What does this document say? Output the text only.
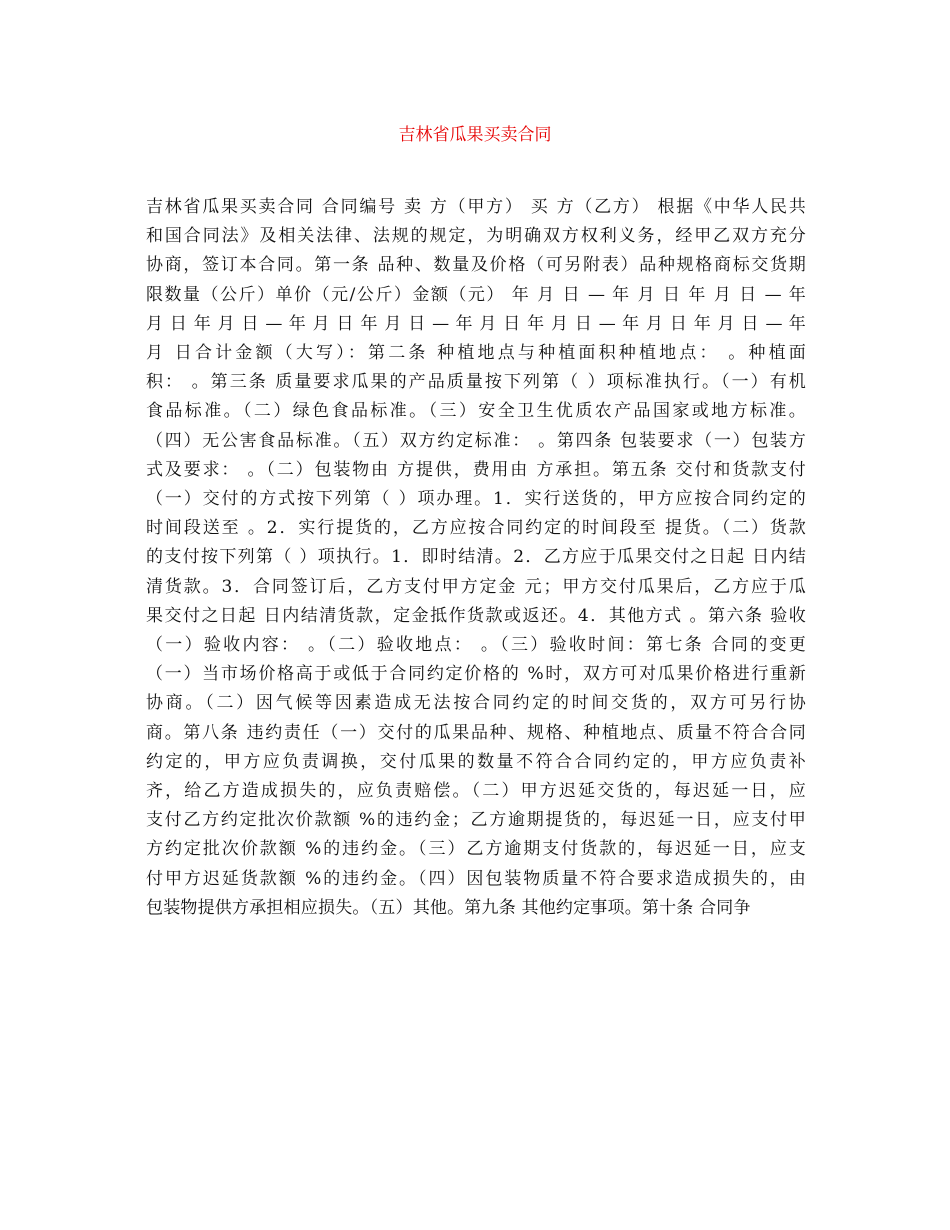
吉林省瓜果买卖合同
吉林省瓜果买卖合同 合同编号 卖 方（甲方） 买 方（乙方） 根据《中华人民共
和国合同法》及相关法律、法规的规定，为明确双方权利义务，经甲乙双方充分
协商，签订本合同。第一条 品种、数量及价格（可另附表）品种规格商标交货期
限数量（公斤）单价（元/公斤）金额（元） 年 月 日 — 年 月 日 年 月 日 — 年
月 日 年 月 日 — 年 月 日 年 月 日 — 年 月 日 年 月 日 — 年 月 日 年 月 日 — 年
月 日合计金额（大写）：第二条 种植地点与种植面积种植地点： 。种植面
积： 。第三条 质量要求瓜果的产品质量按下列第（ ）项标准执行。（一）有机
食品标准。（二）绿色食品标准。（三）安全卫生优质农产品国家或地方标准。
（四）无公害食品标准。（五）双方约定标准： 。第四条 包装要求（一）包装方
式及要求： 。（二）包装物由 方提供，费用由 方承担。第五条 交付和货款支付
（一）交付的方式按下列第（ ）项办理。1．实行送货的，甲方应按合同约定的
时间段送至 。2．实行提货的，乙方应按合同约定的时间段至 提货。（二）货款
的支付按下列第（ ）项执行。1．即时结清。2．乙方应于瓜果交付之日起 日内结
清货款。3．合同签订后，乙方支付甲方定金 元；甲方交付瓜果后，乙方应于瓜
果交付之日起 日内结清货款，定金抵作货款或返还。4．其他方式 。第六条 验收
（一）验收内容： 。（二）验收地点： 。（三）验收时间：第七条 合同的变更
（一）当市场价格高于或低于合同约定价格的 %时，双方可对瓜果价格进行重新
协商。（二）因气候等因素造成无法按合同约定的时间交货的，双方可另行协
商。第八条 违约责任（一）交付的瓜果品种、规格、种植地点、质量不符合合同
约定的，甲方应负责调换，交付瓜果的数量不符合合同约定的，甲方应负责补
齐，给乙方造成损失的，应负责赔偿。（二）甲方迟延交货的，每迟延一日，应
支付乙方约定批次价款额 %的违约金；乙方逾期提货的，每迟延一日，应支付甲
方约定批次价款额 %的违约金。（三）乙方逾期支付货款的，每迟延一日，应支
付甲方迟延货款额 %的违约金。（四）因包装物质量不符合要求造成损失的，由
包装物提供方承担相应损失。（五）其他。第九条 其他约定事项。第十条 合同争
